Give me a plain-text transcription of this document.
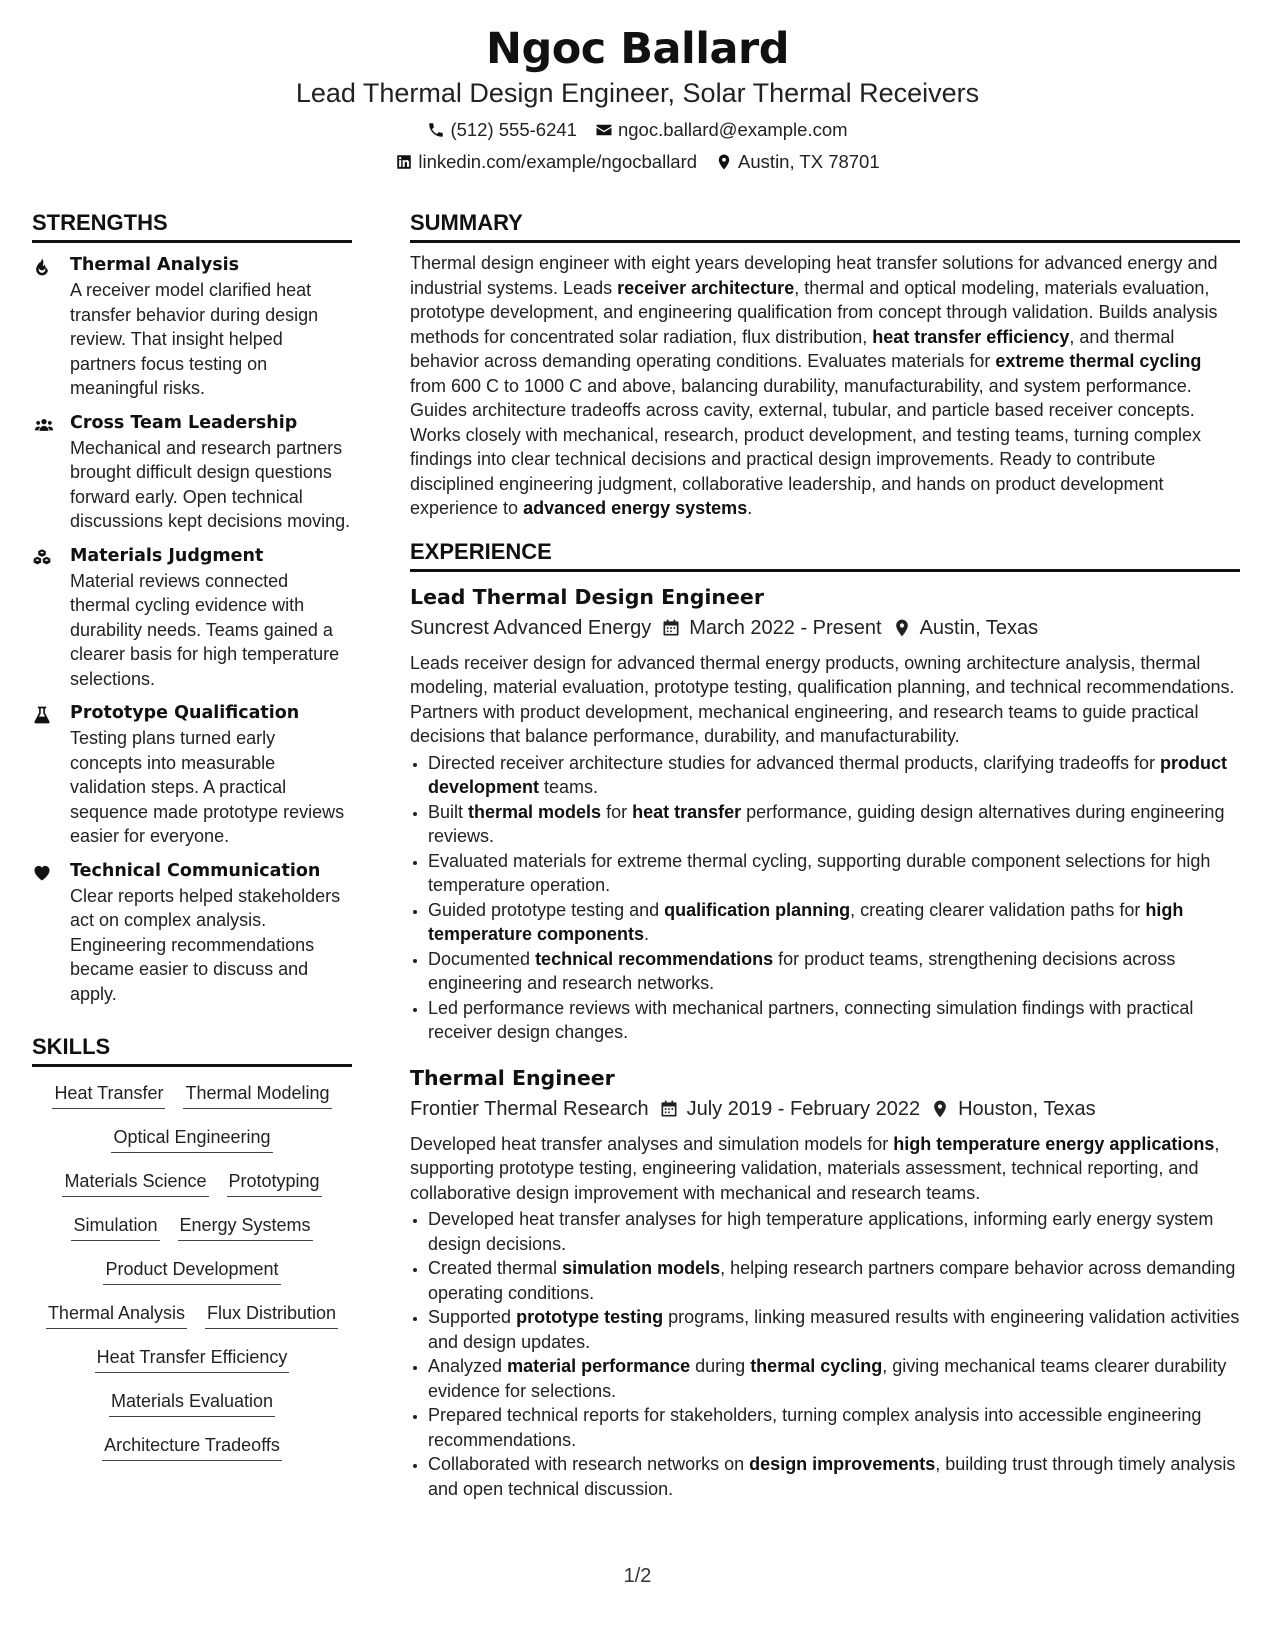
Ngoc Ballard
Lead Thermal Design Engineer, Solar Thermal Receivers
(512) 555-6241 ngoc.ballard@example.com
linkedin.com/example/ngocballard Austin, TX 78701
STRENGTHS
Thermal Analysis
A receiver model clarified heat transfer behavior during design review. That insight helped partners focus testing on meaningful risks.
Cross Team Leadership
Mechanical and research partners brought difficult design questions forward early. Open technical discussions kept decisions moving.
Materials Judgment
Material reviews connected thermal cycling evidence with durability needs. Teams gained a clearer basis for high temperature selections.
Prototype Qualification
Testing plans turned early concepts into measurable validation steps. A practical sequence made prototype reviews easier for everyone.
Technical Communication
Clear reports helped stakeholders act on complex analysis. Engineering recommendations became easier to discuss and apply.
SKILLS
Heat Transfer Thermal Modeling
Optical Engineering
Materials Science Prototyping
Simulation Energy Systems
Product Development
Thermal Analysis Flux Distribution
Heat Transfer Efficiency
Materials Evaluation
Architecture Tradeoffs
SUMMARY
Thermal design engineer with eight years developing heat transfer solutions for advanced energy and industrial systems. Leads receiver architecture, thermal and optical modeling, materials evaluation, prototype development, and engineering qualification from concept through validation. Builds analysis methods for concentrated solar radiation, flux distribution, heat transfer efficiency, and thermal behavior across demanding operating conditions. Evaluates materials for extreme thermal cycling from 600 C to 1000 C and above, balancing durability, manufacturability, and system performance. Guides architecture tradeoffs across cavity, external, tubular, and particle based receiver concepts. Works closely with mechanical, research, product development, and testing teams, turning complex findings into clear technical decisions and practical design improvements. Ready to contribute disciplined engineering judgment, collaborative leadership, and hands on product development experience to advanced energy systems.
EXPERIENCE
Lead Thermal Design Engineer
Suncrest Advanced Energy March 2022 - Present Austin, Texas
Leads receiver design for advanced thermal energy products, owning architecture analysis, thermal modeling, material evaluation, prototype testing, qualification planning, and technical recommendations. Partners with product development, mechanical engineering, and research teams to guide practical decisions that balance performance, durability, and manufacturability.
• Directed receiver architecture studies for advanced thermal products, clarifying tradeoffs for product development teams.
• Built thermal models for heat transfer performance, guiding design alternatives during engineering reviews.
• Evaluated materials for extreme thermal cycling, supporting durable component selections for high temperature operation.
• Guided prototype testing and qualification planning, creating clearer validation paths for high temperature components.
• Documented technical recommendations for product teams, strengthening decisions across engineering and research networks.
• Led performance reviews with mechanical partners, connecting simulation findings with practical receiver design changes.
Thermal Engineer
Frontier Thermal Research July 2019 - February 2022 Houston, Texas
Developed heat transfer analyses and simulation models for high temperature energy applications, supporting prototype testing, engineering validation, materials assessment, technical reporting, and collaborative design improvement with mechanical and research teams.
• Developed heat transfer analyses for high temperature applications, informing early energy system design decisions.
• Created thermal simulation models, helping research partners compare behavior across demanding operating conditions.
• Supported prototype testing programs, linking measured results with engineering validation activities and design updates.
• Analyzed material performance during thermal cycling, giving mechanical teams clearer durability evidence for selections.
• Prepared technical reports for stakeholders, turning complex analysis into accessible engineering recommendations.
• Collaborated with research networks on design improvements, building trust through timely analysis and open technical discussion.
1/2
